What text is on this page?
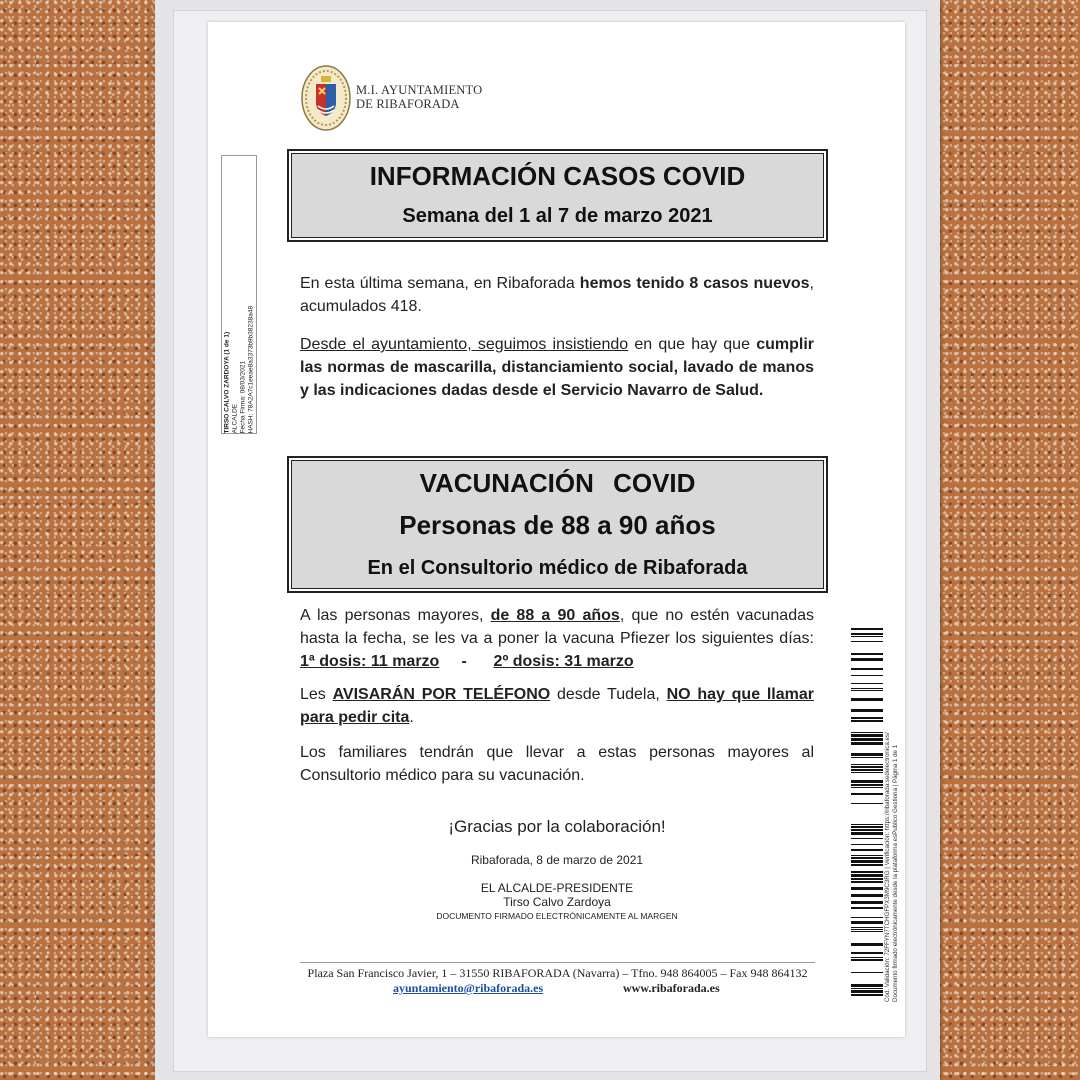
M.I. AYUNTAMIENTO
DE RIBAFORADA
TIRSO CALVO ZARDOYA (1 de 1) ALCALDE Fecha Firma: 08/03/2021 HASH: 78A2A7c1eeae8a3373b9b38238a48
INFORMACIÓN CASOS COVID
Semana del 1 al 7 de marzo 2021

En esta última semana, en Ribaforada hemos tenido 8 casos nuevos, acumulados 418.

Desde el ayuntamiento, seguimos insistiendo en que hay que cumplir las normas de mascarilla, distanciamiento social, lavado de manos y las indicaciones dadas desde el Servicio Navarro de Salud.

VACUNACIÓN COVID
Personas de 88 a 90 años
En el Consultorio médico de Ribaforada

A las personas mayores, de 88 a 90 años, que no estén vacunadas hasta la fecha, se les va a poner la vacuna Pfiezer los siguientes días: 1ª dosis: 11 marzo     -      2º dosis: 31 marzo

Les AVISARÁN POR TELÉFONO desde Tudela, NO hay que llamar para pedir cita.

Los familiares tendrán que llevar a estas personas mayores al Consultorio médico para su vacunación.

¡Gracias por la colaboración!
Ribaforada, 8 de marzo de 2021
EL ALCALDE-PRESIDENTE
Tirso Calvo Zardoya
DOCUMENTO FIRMADO ELECTRÓNICAMENTE AL MARGEN
Plaza San Francisco Javier, 1 – 31550 RIBAFORADA (Navarra) – Tfno. 948 864005 – Fax 948 864132
ayuntamiento@ribaforada.es	www.ribaforada.es	Cód. Validación: 72FFYN7TCHGFPX3M9C3RG | Verificación: https://ribaforada.sedelectronica.es/ Documento firmado electrónicamente desde la plataforma esPublico Gestiona | Página 1 de 1
